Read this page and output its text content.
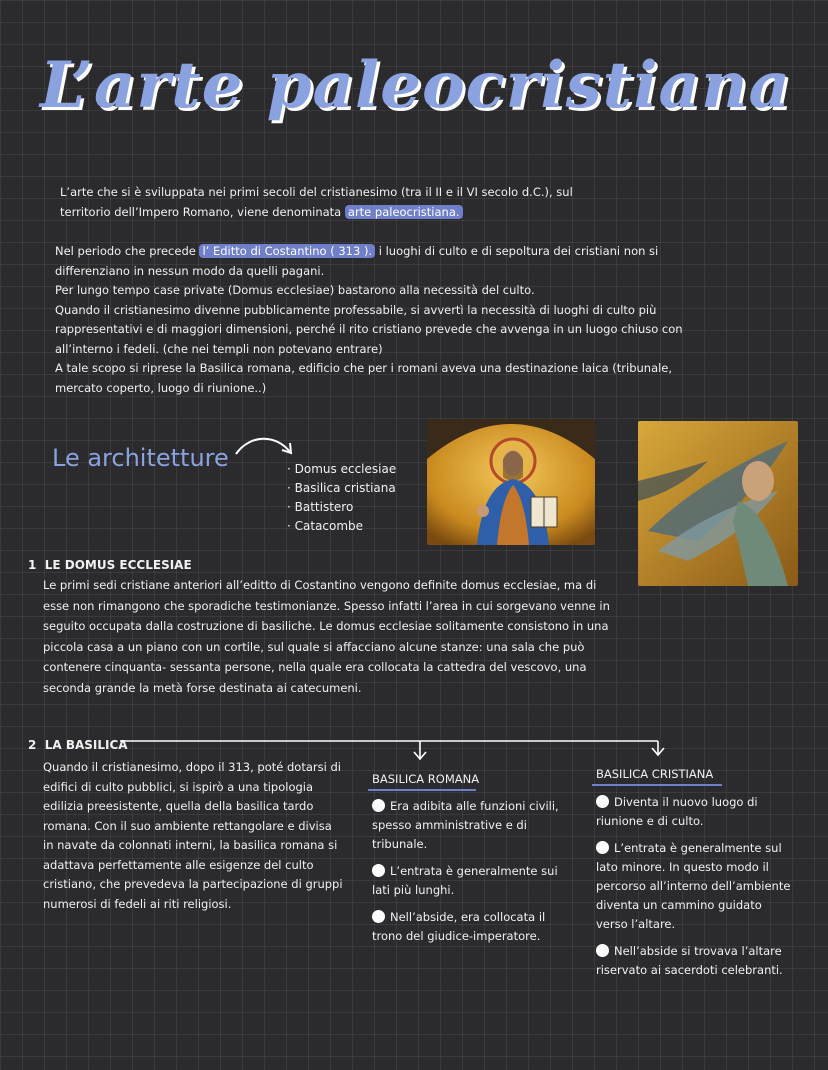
L’arte paleocristiana
L’arte che si è sviluppata nei primi secoli del cristianesimo (tra il II e il VI secolo d.C.), sul territorio dell’Impero Romano, viene denominata arte paleocristiana.
Nel periodo che precede l’ Editto di Costantino ( 313 ). i luoghi di culto e di sepoltura dei cristiani non si differenziano in nessun modo da quelli pagani.
Per lungo tempo case private (Domus ecclesiae) bastarono alla necessità del culto.
Quando il cristianesimo divenne pubblicamente professabile, si avvertì la necessità di luoghi di culto più rappresentativi e di maggiori dimensioni, perché il rito cristiano prevede che avvenga in un luogo chiuso con all’interno i fedeli. (che nei templi non potevano entrare)
A tale scopo si riprese la Basilica romana, edificio che per i romani aveva una destinazione laica (tribunale, mercato coperto, luogo di riunione..)
Le architetture
·	Domus ecclesiae
· Basilica cristiana
· Battistero
· Catacombe
1 LE DOMUS ECCLESIAE
Le primi sedi cristiane anteriori all’editto di Costantino vengono definite domus ecclesiae, ma di esse non rimangono che sporadiche testimonianze. Spesso infatti l’area in cui sorgevano venne in seguito occupata dalla costruzione di basiliche. Le domus ecclesiae solitamente consistono in una piccola casa a un piano con un cortile, sul quale si affacciano alcune stanze: una sala che può contenere cinquanta- sessanta persone, nella quale era collocata la cattedra del vescovo, una seconda grande la metà forse destinata ai catecumeni.
2 LA BASILICA
Quando il cristianesimo, dopo il 313, poté dotarsi di edifici di culto pubblici, si ispirò a una tipologia edilizia preesistente, quella della basilica tardo romana. Con il suo ambiente rettangolare e divisa in navate da colonnati interni, la basilica romana si adattava perfettamente alle esigenze del culto cristiano, che prevedeva la partecipazione di gruppi numerosi di fedeli ai riti religiosi.
BASILICA ROMANA
Era adibita alle funzioni civili, spesso amministrative e di tribunale.
L’entrata è generalmente sui lati più lunghi.
Nell’abside, era collocata il trono del giudice-imperatore.
BASILICA CRISTIANA
Diventa il nuovo luogo di riunione e di culto.
L’entrata è generalmente sul lato minore. In questo modo il percorso all’interno dell’ambiente diventa un cammino guidato verso l’altare.
Nell’abside si trovava l’altare riservato ai sacerdoti celebranti.
